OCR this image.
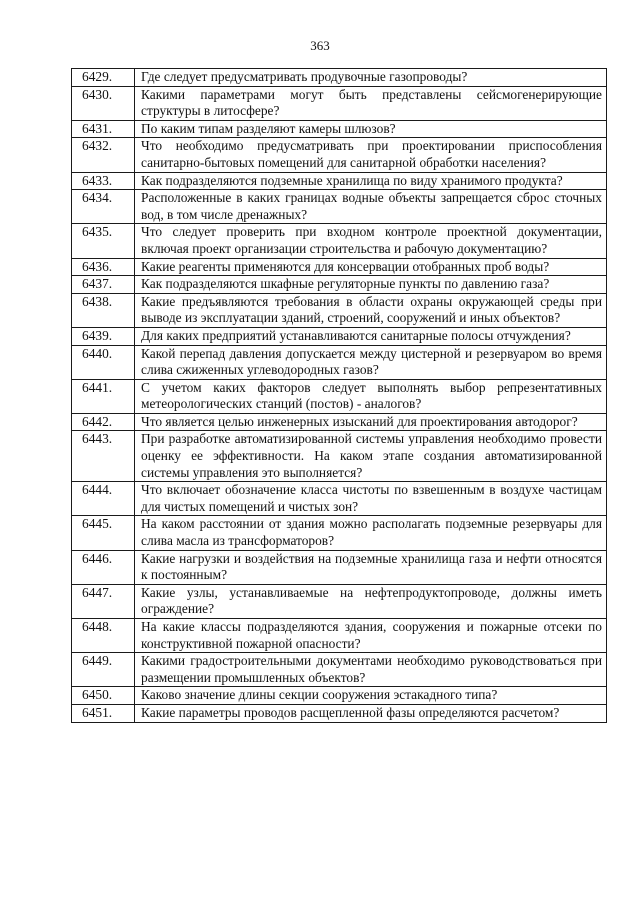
363
6429.	Где следует предусматривать продувочные газопроводы?
6430.	Какими параметрами могут быть представлены сейсмогенерирующие структуры в литосфере?
6431.	По каким типам разделяют камеры шлюзов?
6432.	Что необходимо предусматривать при проектировании приспособления санитарно-бытовых помещений для санитарной обработки населения?
6433.	Как подразделяются подземные хранилища по виду хранимого продукта?
6434.	Расположенные в каких границах водные объекты запрещается сброс сточных вод, в том числе дренажных?
6435.	Что следует проверить при входном контроле проектной документации, включая проект организации строительства и рабочую документацию?
6436.	Какие реагенты применяются для консервации отобранных проб воды?
6437.	Как подразделяются шкафные регуляторные пункты по давлению газа?
6438.	Какие предъявляются требования в области охраны окружающей среды при выводе из эксплуатации зданий, строений, сооружений и иных объектов?
6439.	Для каких предприятий устанавливаются санитарные полосы отчуждения?
6440.	Какой перепад давления допускается между цистерной и резервуаром во время слива сжиженных углеводородных газов?
6441.	С учетом каких факторов следует выполнять выбор репрезентативных метеорологических станций (постов) - аналогов?
6442.	Что является целью инженерных изысканий для проектирования автодорог?
6443.	При разработке автоматизированной системы управления необходимо провести оценку ее эффективности. На каком этапе создания автоматизированной системы управления это выполняется?
6444.	Что включает обозначение класса чистоты по взвешенным в воздухе частицам для чистых помещений и чистых зон?
6445.	На каком расстоянии от здания можно располагать подземные резервуары для слива масла из трансформаторов?
6446.	Какие нагрузки и воздействия на подземные хранилища газа и нефти относятся к постоянным?
6447.	Какие узлы, устанавливаемые на нефтепродуктопроводе, должны иметь ограждение?
6448.	На какие классы подразделяются здания, сооружения и пожарные отсеки по конструктивной пожарной опасности?
6449.	Какими градостроительными документами необходимо руководствоваться при размещении промышленных объектов?
6450.	Каково значение длины секции сооружения эстакадного типа?
6451.	Какие параметры проводов расщепленной фазы определяются расчетом?
